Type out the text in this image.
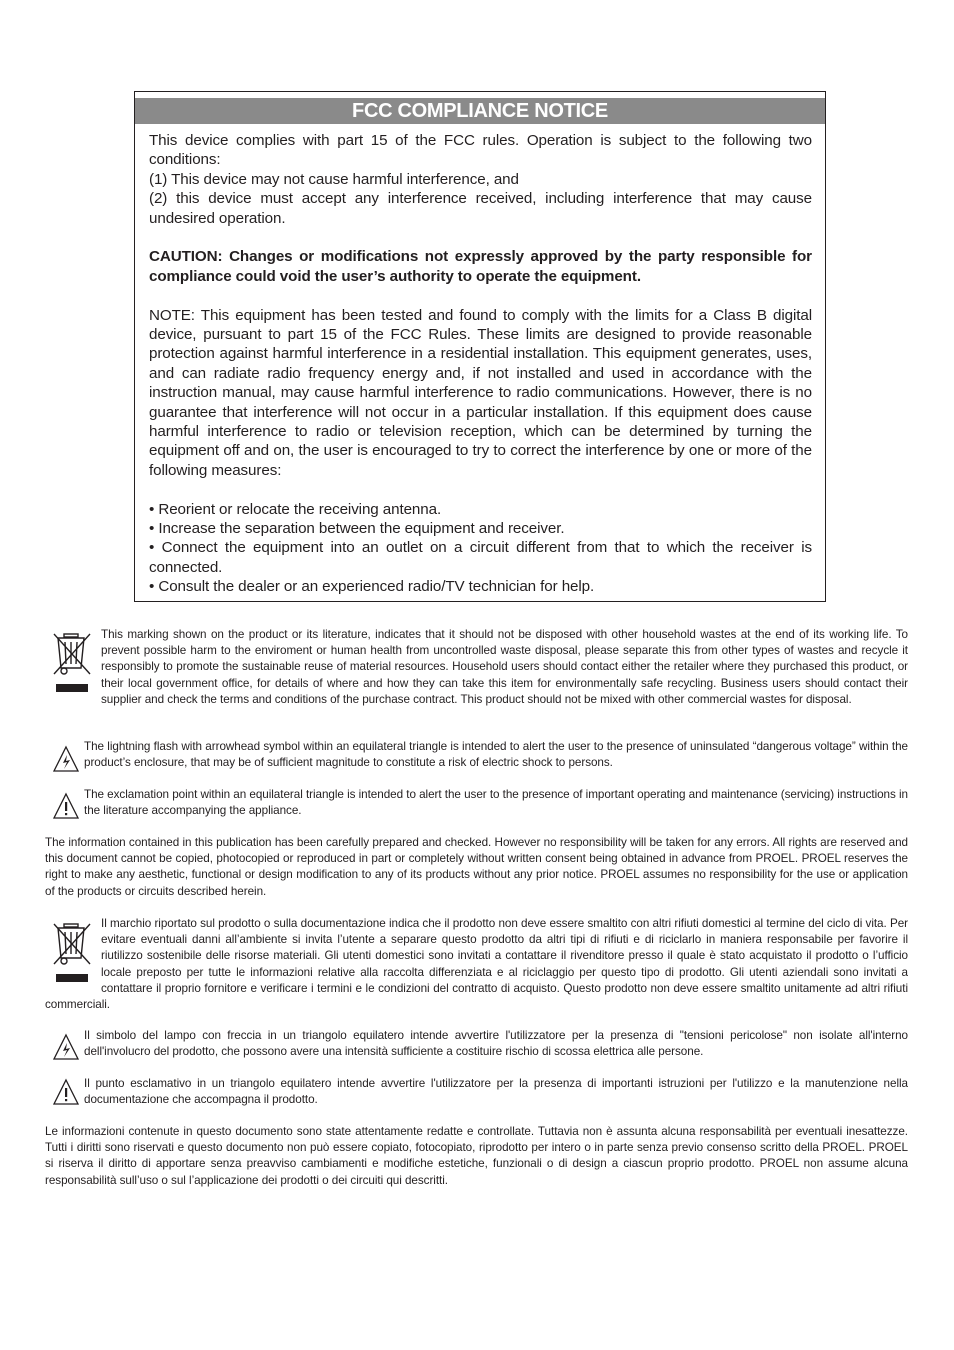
FCC COMPLIANCE NOTICE

This device complies with part 15 of the FCC rules. Operation is subject to the following two conditions:

(1) This device may not cause harmful interference, and

(2) this device must accept any interference received, including interference that may cause undesired operation.

CAUTION: Changes or modifications not expressly approved by the party responsible for compliance could void the user’s authority to operate the equipment.

NOTE: This equipment has been tested and found to comply with the limits for a Class B digital device, pursuant to part 15 of the FCC Rules. These limits are designed to provide reasonable protection against harmful interference in a residential installation. This equipment generates, uses, and can radiate radio frequency energy and, if not installed and used in accordance with the instruction manual, may cause harmful interference to radio communications. However, there is no guarantee that interference will not occur in a particular installation. If this equipment does cause harmful interference to radio or television reception, which can be determined by turning the equipment off and on, the user is encouraged to try to correct the interference by one or more of the following measures:

• Reorient or relocate the receiving antenna.

• Increase the separation between the equipment and receiver.

• Connect the equipment into an outlet on a circuit different from that to which the receiver is connected.

• Consult the dealer or an experienced radio/TV technician for help.

This marking shown on the product or its literature, indicates that it should not be disposed with other household wastes at the end of its working life. To prevent possible harm to the enviroment or human health from uncontrolled waste disposal, please separate this from other types of wastes and recycle it responsibly to promote the sustainable reuse of material resources. Household users should contact either the retailer where they purchased this product, or their local government office, for details of where and how they can take this item for environmentally safe recycling. Business users should contact their supplier and check the terms and conditions of the purchase contract. This product should not be mixed with other commercial wastes for disposal.

The lightning flash with arrowhead symbol within an equilateral triangle is intended to alert the user to the presence of uninsulated “dangerous voltage” within the product’s enclosure, that may be of sufficient magnitude to constitute a risk of electric shock to persons.

The exclamation point within an equilateral triangle is intended to alert the user to the presence of important operating and maintenance (servicing) instructions in the literature accompanying the appliance.

The information contained in this publication has been carefully prepared and checked. However no responsibility will be taken for any errors. All rights are reserved and this document cannot be copied, photocopied or reproduced in part or completely without written consent being obtained in advance from PROEL. PROEL reserves the right to make any aesthetic, functional or design modification to any of its products without any prior notice. PROEL assumes no responsibility for the use or application of the products or circuits described herein.

Il marchio riportato sul prodotto o sulla documentazione indica che il prodotto non deve essere smaltito con altri rifiuti domestici al termine del ciclo di vita. Per evitare eventuali danni all’ambiente si invita l’utente a separare questo prodotto da altri tipi di rifiuti e di riciclarlo in maniera responsabile per favorire il riutilizzo sostenibile delle risorse materiali. Gli utenti domestici sono invitati a contattare il rivenditore presso il quale è stato acquistato il prodotto o l’ufficio locale preposto per tutte le informazioni relative alla raccolta differenziata e al riciclaggio per questo tipo di prodotto. Gli utenti aziendali sono invitati a contattare il proprio fornitore e verificare i termini e le condizioni del contratto di acquisto. Questo prodotto non deve essere smaltito unitamente ad altri rifiuti commerciali.

Il simbolo del lampo con freccia in un triangolo equilatero intende avvertire l'utilizzatore per la presenza di "tensioni pericolose" non isolate all'interno dell'involucro del prodotto, che possono avere una intensità sufficiente a costituire rischio di scossa elettrica alle persone.

Il punto esclamativo in un triangolo equilatero intende avvertire l'utilizzatore per la presenza di importanti istruzioni per l'utilizzo e la manutenzione nella documentazione che accompagna il prodotto.

Le informazioni contenute in questo documento sono state attentamente redatte e controllate. Tuttavia non è assunta alcuna responsabilità per eventuali inesattezze. Tutti i diritti sono riservati e questo documento non può essere copiato, fotocopiato, riprodotto per intero o in parte senza previo consenso scritto della PROEL. PROEL si riserva il diritto di apportare senza preavviso cambiamenti e modifiche estetiche, funzionali o di design a ciascun proprio prodotto. PROEL non assume alcuna responsabilità sull’uso o sul l’applicazione dei prodotti o dei circuiti qui descritti.
